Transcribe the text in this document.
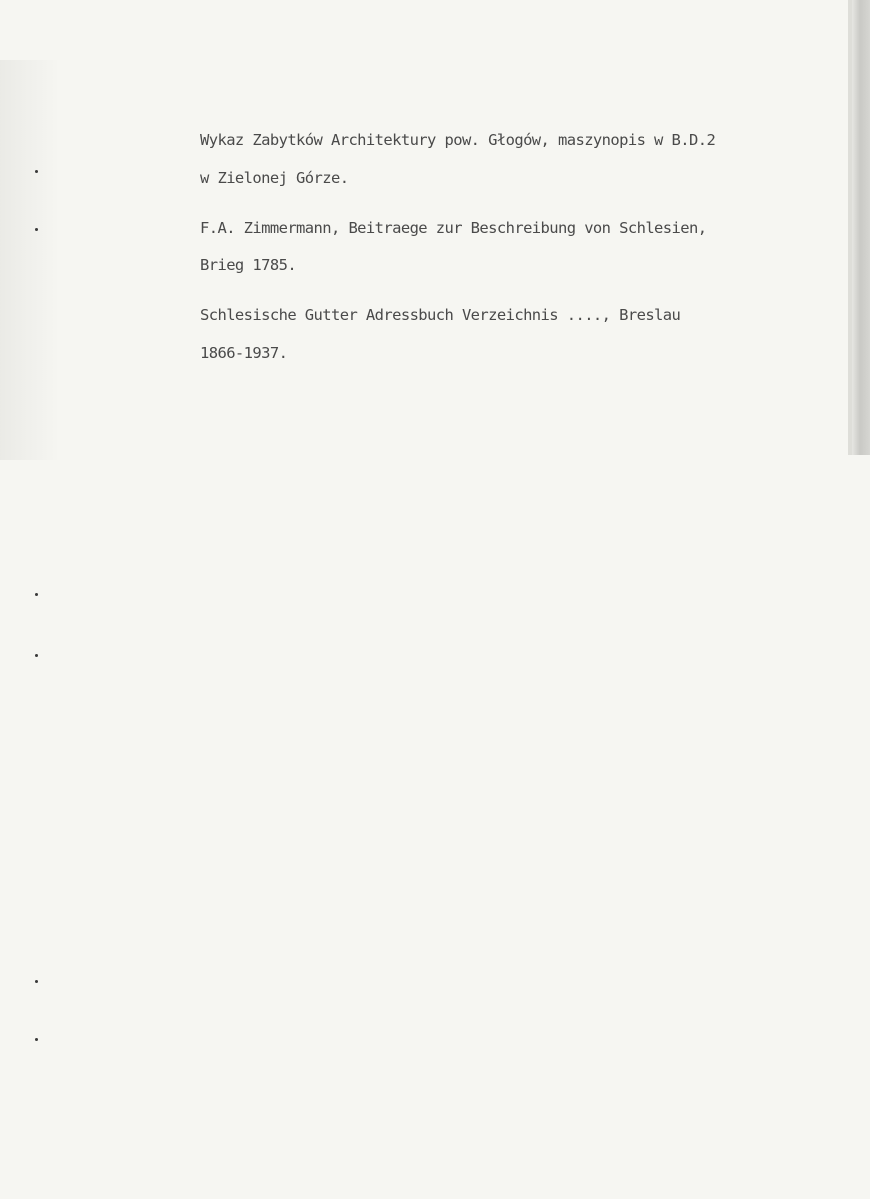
Wykaz Zabytków Architektury pow. Głogów, maszynopis w B.D.2

w Zielonej Górze.

F.A. Zimmermann, Beitraege zur Beschreibung von Schlesien,

Brieg 1785.

Schlesische Gutter Adressbuch Verzeichnis ...., Breslau

1866-1937.
